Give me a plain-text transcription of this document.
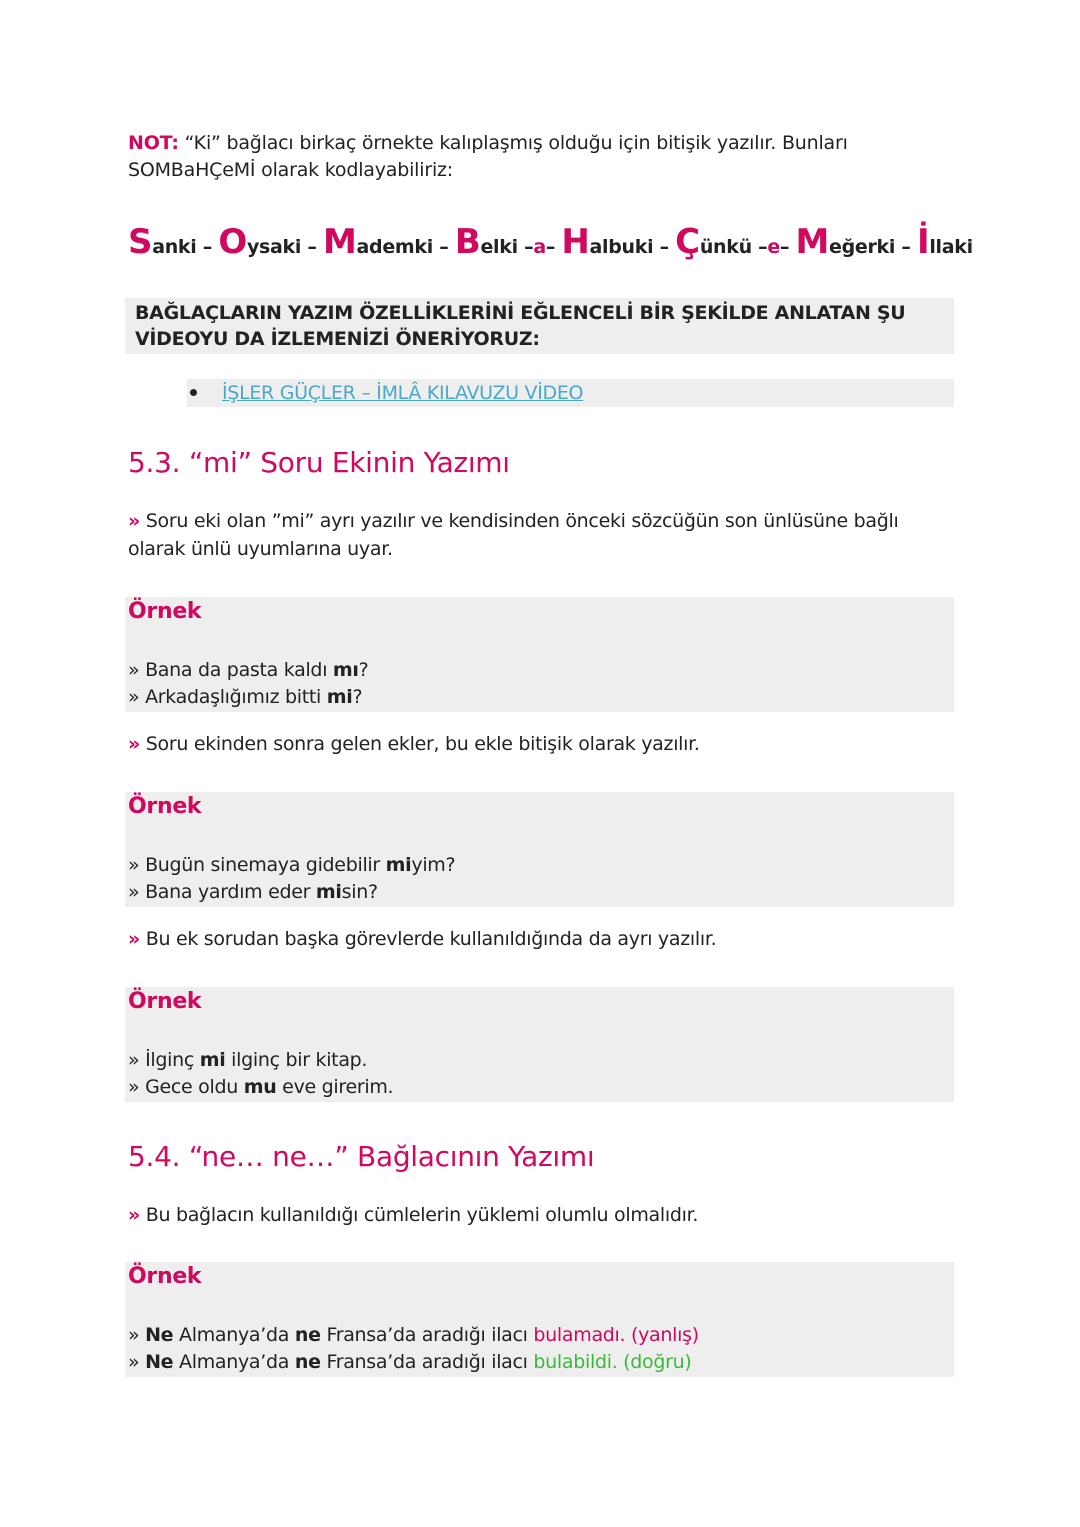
NOT: “Ki” bağlacı birkaç örnekte kalıplaşmış olduğu için bitişik yazılır. Bunları SOMBaHÇeMİ olarak kodlayabiliriz:
Sanki – Oysaki – Mademki – Belki –a– Halbuki – Çünkü –e– Meğerki – İllaki
BAĞLAÇLARIN YAZIM ÖZELLİKLERİNİ EĞLENCELİ BİR ŞEKİLDE ANLATAN ŞU VİDEOYU DA İZLEMENİZİ ÖNERİYORUZ:
İŞLER GÜÇLER – İMLÂ KILAVUZU VİDEO
5.3. “mi” Soru Ekinin Yazımı
» Soru eki olan ”mi” ayrı yazılır ve kendisinden önceki sözcüğün son ünlüsüne bağlı olarak ünlü uyumlarına uyar.
Örnek
» Bana da pasta kaldı mı?
» Arkadaşlığımız bitti mi?
» Soru ekinden sonra gelen ekler, bu ekle bitişik olarak yazılır.
Örnek
» Bugün sinemaya gidebilir miyim?
» Bana yardım eder misin?
» Bu ek sorudan başka görevlerde kullanıldığında da ayrı yazılır.
Örnek
» İlginç mi ilginç bir kitap.
» Gece oldu mu eve girerim.
5.4. “ne… ne…” Bağlacının Yazımı
» Bu bağlacın kullanıldığı cümlelerin yüklemi olumlu olmalıdır.
Örnek
» Ne Almanya’da ne Fransa’da aradığı ilacı bulamadı. (yanlış)
» Ne Almanya’da ne Fransa’da aradığı ilacı bulabildi. (doğru)
